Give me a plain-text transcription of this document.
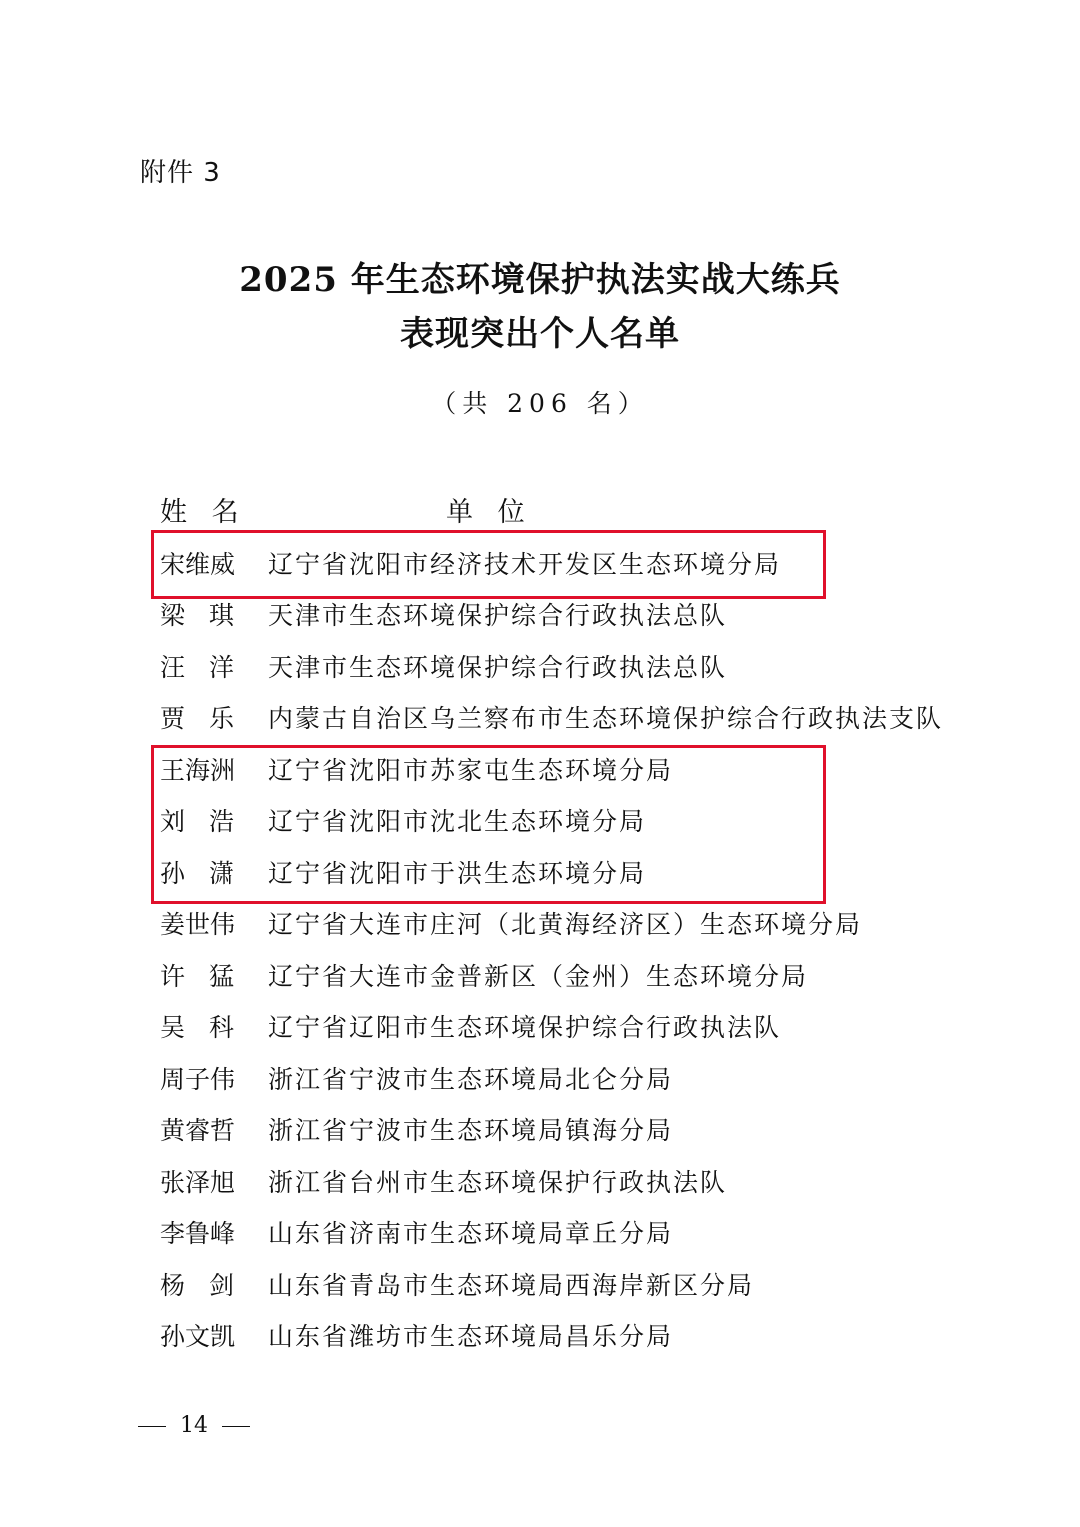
附件 3
2025 年生态环境保护执法实战大练兵
表现突出个人名单
（共 206 名）
姓 名	单 位
宋维威 辽宁省沈阳市经济技术开发区生态环境分局
梁 琪 天津市生态环境保护综合行政执法总队
汪 洋 天津市生态环境保护综合行政执法总队
贾 乐 内蒙古自治区乌兰察布市生态环境保护综合行政执法支队
王海洲 辽宁省沈阳市苏家屯生态环境分局
刘 浩 辽宁省沈阳市沈北生态环境分局
孙 潇 辽宁省沈阳市于洪生态环境分局
姜世伟 辽宁省大连市庄河（北黄海经济区）生态环境分局
许 猛 辽宁省大连市金普新区（金州）生态环境分局
吴 科 辽宁省辽阳市生态环境保护综合行政执法队
周子伟 浙江省宁波市生态环境局北仑分局
黄睿哲 浙江省宁波市生态环境局镇海分局
张泽旭 浙江省台州市生态环境保护行政执法队
李鲁峰 山东省济南市生态环境局章丘分局
杨 剑 山东省青岛市生态环境局西海岸新区分局
孙文凯 山东省潍坊市生态环境局昌乐分局
14
